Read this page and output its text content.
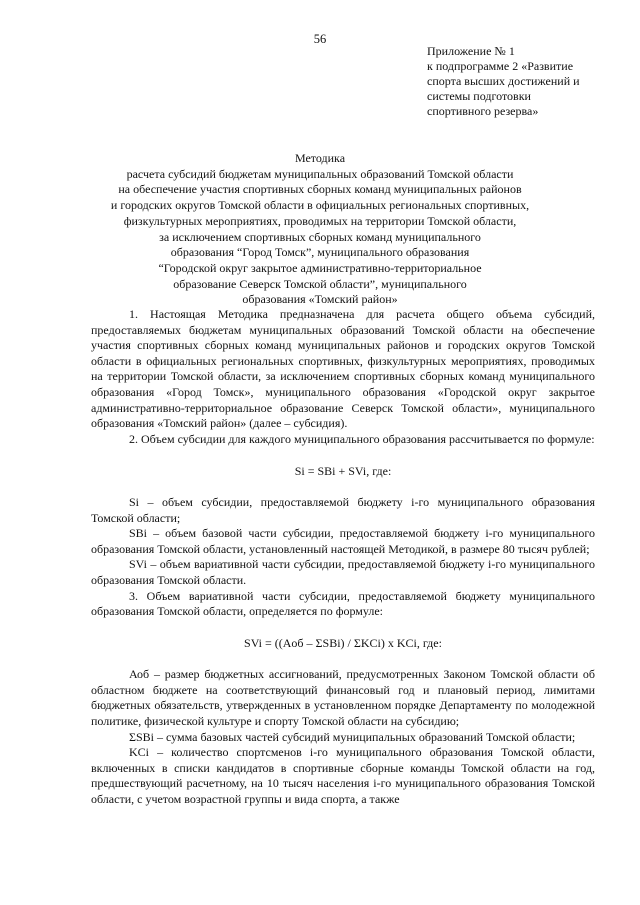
56
Приложение № 1
к подпрограмме 2 «Развитие
спорта высших достижений и
системы подготовки
спортивного резерва»
Методика
расчета субсидий бюджетам муниципальных образований Томской области
на обеспечение участия спортивных сборных команд муниципальных районов
и городских округов Томской области в официальных региональных спортивных,
физкультурных мероприятиях, проводимых на территории Томской области,
за исключением спортивных сборных команд муниципального
образования “Город Томск”, муниципального образования
“Городской округ закрытое административно-территориальное
образование Северск Томской области”, муниципального
образования «Томский район»

1. Настоящая Методика предназначена для расчета общего объема субсидий, предоставляемых бюджетам муниципальных образований Томской области на обеспечение участия спортивных сборных команд муниципальных районов и городских округов Томской области в официальных региональных спортивных, физкультурных мероприятиях, проводимых на территории Томской области, за исключением спортивных сборных команд муниципального образования «Город Томск», муниципального образования «Городской округ закрытое административно-территориальное образование Северск Томской области», муниципального образования «Томский район» (далее – субсидия).

2. Объем субсидии для каждого муниципального образования рассчитывается по формуле:

Si = SBi + SVi, где:

Si – объем субсидии, предоставляемой бюджету i-го муниципального образования Томской области;

SBi – объем базовой части субсидии, предоставляемой бюджету i-го муниципального образования Томской области, установленный настоящей Методикой, в размере 80 тысяч рублей;

SVi – объем вариативной части субсидии, предоставляемой бюджету i-го муниципального образования Томской области.

3. Объем вариативной части субсидии, предоставляемой бюджету муниципального образования Томской области, определяется по формуле:

SVi = ((Aоб – ΣSBi) / ΣKCi) x KCi, где:

Аоб – размер бюджетных ассигнований, предусмотренных Законом Томской области об областном бюджете на соответствующий финансовый год и плановый период, лимитами бюджетных обязательств, утвержденных в установленном порядке Департаменту по молодежной политике, физической культуре и спорту Томской области на субсидию;

ΣSBi – сумма базовых частей субсидий муниципальных образований Томской области;

KCi – количество спортсменов i-го муниципального образования Томской области, включенных в списки кандидатов в спортивные сборные команды Томской области на год, предшествующий расчетному, на 10 тысяч населения i-го муниципального образования Томской области, с учетом возрастной группы и вида спорта, а также
